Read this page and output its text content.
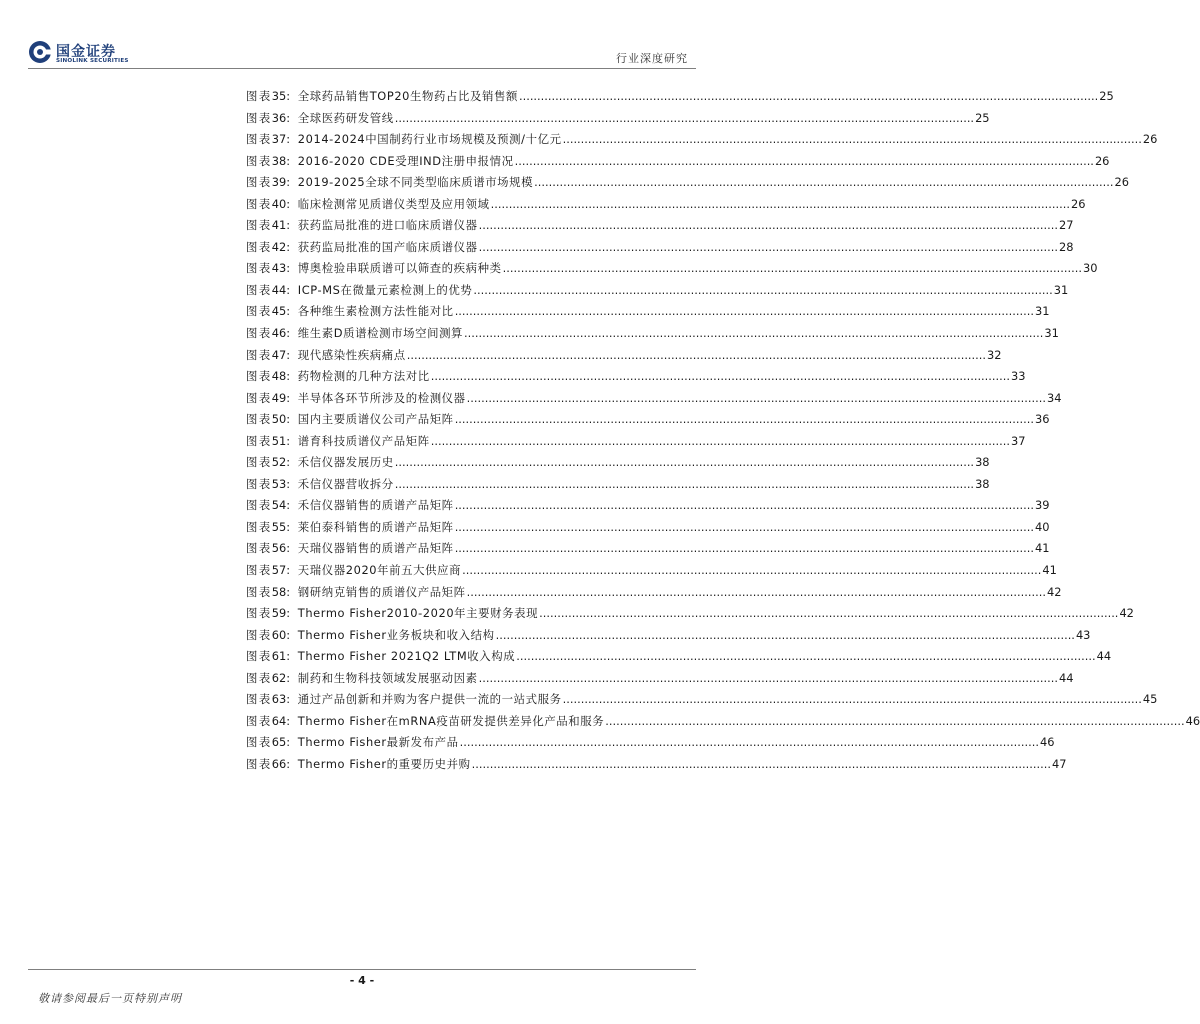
国金证券
SINOLINK SECURITIES	行业深度研究
图表 35: 全球药品销售TOP20生物药占比及销售额 .....	25
图表 36: 全球医药研发管线 .....	25
图表 37: 2014-2024中国制药行业市场规模及预测/十亿元 .....	26
图表 38: 2016-2020 CDE受理IND注册申报情况 .....	26
图表 39: 2019-2025全球不同类型临床质谱市场规模 .....	26
图表 40: 临床检测常见质谱仪类型及应用领域 .....	26
图表 41: 获药监局批准的进口临床质谱仪器 .....	27
图表 42: 获药监局批准的国产临床质谱仪器 .....	28
图表 43: 博奥检验串联质谱可以筛查的疾病种类 .....	30
图表 44: ICP-MS在微量元素检测上的优势 .....	31
图表 45: 各种维生素检测方法性能对比 .....	31
图表 46: 维生素D质谱检测市场空间测算 .....	31
图表 47: 现代感染性疾病痛点 .....	32
图表 48: 药物检测的几种方法对比 .....	33
图表 49: 半导体各环节所涉及的检测仪器 .....	34
图表 50: 国内主要质谱仪公司产品矩阵 .....	36
图表 51: 谱育科技质谱仪产品矩阵 .....	37
图表 52: 禾信仪器发展历史 .....	38
图表 53: 禾信仪器营收拆分 .....	38
图表 54: 禾信仪器销售的质谱产品矩阵 .....	39
图表 55: 莱伯泰科销售的质谱产品矩阵 .....	40
图表 56: 天瑞仪器销售的质谱产品矩阵 .....	41
图表 57: 天瑞仪器2020年前五大供应商 .....	41
图表 58: 钢研纳克销售的质谱仪产品矩阵 .....	42
图表 59: Thermo Fisher2010-2020年主要财务表现 .....	42
图表 60: Thermo Fisher业务板块和收入结构 .....	43
图表 61: Thermo Fisher 2021Q2 LTM收入构成 .....	44
图表 62: 制药和生物科技领域发展驱动因素 .....	44
图表 63: 通过产品创新和并购为客户提供一流的一站式服务 .....	45
图表 64: Thermo Fisher在mRNA疫苗研发提供差异化产品和服务 .....	46
图表 65: Thermo Fisher最新发布产品 .....	46
图表 66: Thermo Fisher的重要历史并购 .....	47
- 4 -
敬请参阅最后一页特别声明
